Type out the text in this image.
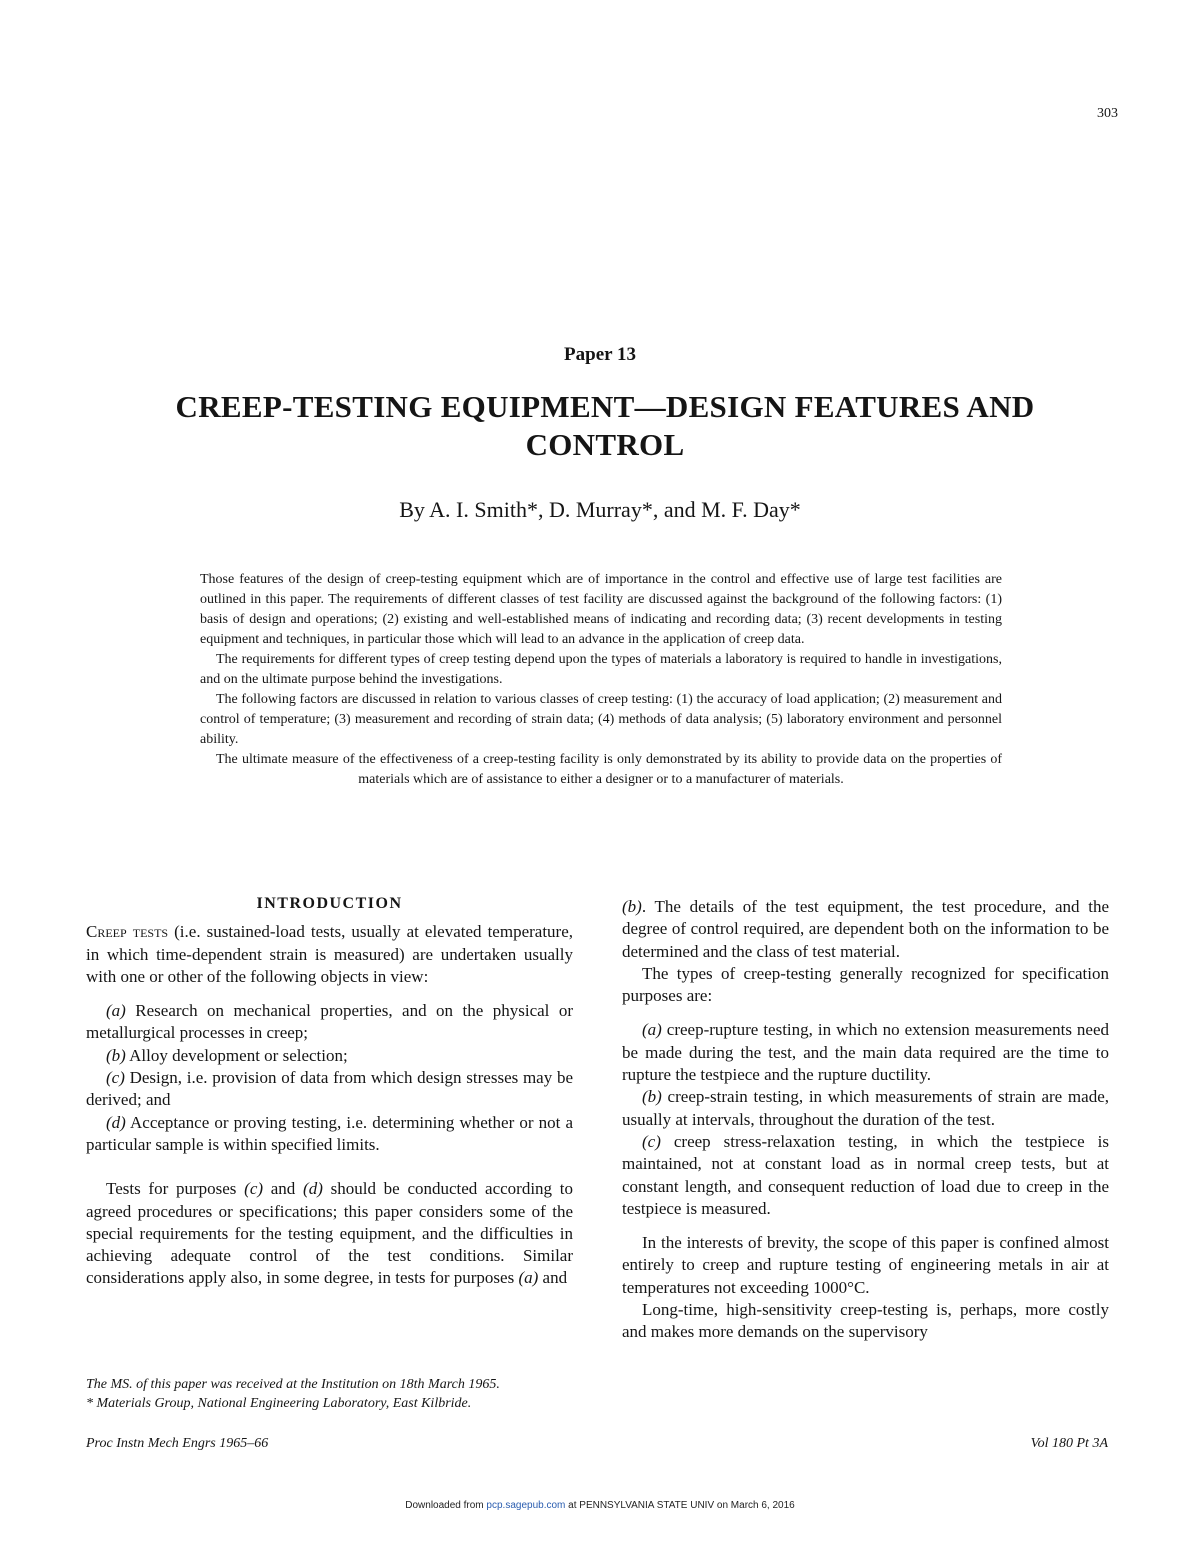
303
Paper 13
CREEP-TESTING EQUIPMENT—DESIGN FEATURES AND CONTROL
By A. I. Smith*, D. Murray*, and M. F. Day*

Those features of the design of creep-testing equipment which are of importance in the control and effective use of large test facilities are outlined in this paper. The requirements of different classes of test facility are discussed against the background of the following factors: (1) basis of design and operations; (2) existing and well-established means of indicating and recording data; (3) recent developments in testing equipment and techniques, in particular those which will lead to an advance in the application of creep data.

The requirements for different types of creep testing depend upon the types of materials a laboratory is required to handle in investigations, and on the ultimate purpose behind the investigations.

The following factors are discussed in relation to various classes of creep testing: (1) the accuracy of load application; (2) measurement and control of temperature; (3) measurement and recording of strain data; (4) methods of data analysis; (5) laboratory environment and personnel ability.

The ultimate measure of the effectiveness of a creep-testing facility is only demonstrated by its ability to provide data on the properties of materials which are of assistance to either a designer or to a manufacturer of materials.

INTRODUCTION

Creep tests (i.e. sustained-load tests, usually at elevated temperature, in which time-dependent strain is measured) are undertaken usually with one or other of the following objects in view:

(a) Research on mechanical properties, and on the physical or metallurgical processes in creep;

(b) Alloy development or selection;

(c) Design, i.e. provision of data from which design stresses may be derived; and

(d) Acceptance or proving testing, i.e. determining whether or not a particular sample is within specified limits.

Tests for purposes (c) and (d) should be conducted according to agreed procedures or specifications; this paper considers some of the special requirements for the testing equipment, and the difficulties in achieving adequate control of the test conditions. Similar considerations apply also, in some degree, in tests for purposes (a) and

(b). The details of the test equipment, the test procedure, and the degree of control required, are dependent both on the information to be determined and the class of test material.

The types of creep-testing generally recognized for specification purposes are:

(a) creep-rupture testing, in which no extension measurements need be made during the test, and the main data required are the time to rupture the testpiece and the rupture ductility.

(b) creep-strain testing, in which measurements of strain are made, usually at intervals, throughout the duration of the test.

(c) creep stress-relaxation testing, in which the testpiece is maintained, not at constant load as in normal creep tests, but at constant length, and consequent reduction of load due to creep in the testpiece is measured.

In the interests of brevity, the scope of this paper is confined almost entirely to creep and rupture testing of engineering metals in air at temperatures not exceeding 1000°C.

Long-time, high-sensitivity creep-testing is, perhaps, more costly and makes more demands on the supervisory

The MS. of this paper was received at the Institution on 18th March 1965.

* Materials Group, National Engineering Laboratory, East Kilbride.

Proc Instn Mech Engrs 1965–66	Vol 180 Pt 3A
Downloaded from pcp.sagepub.com at PENNSYLVANIA STATE UNIV on March 6, 2016
